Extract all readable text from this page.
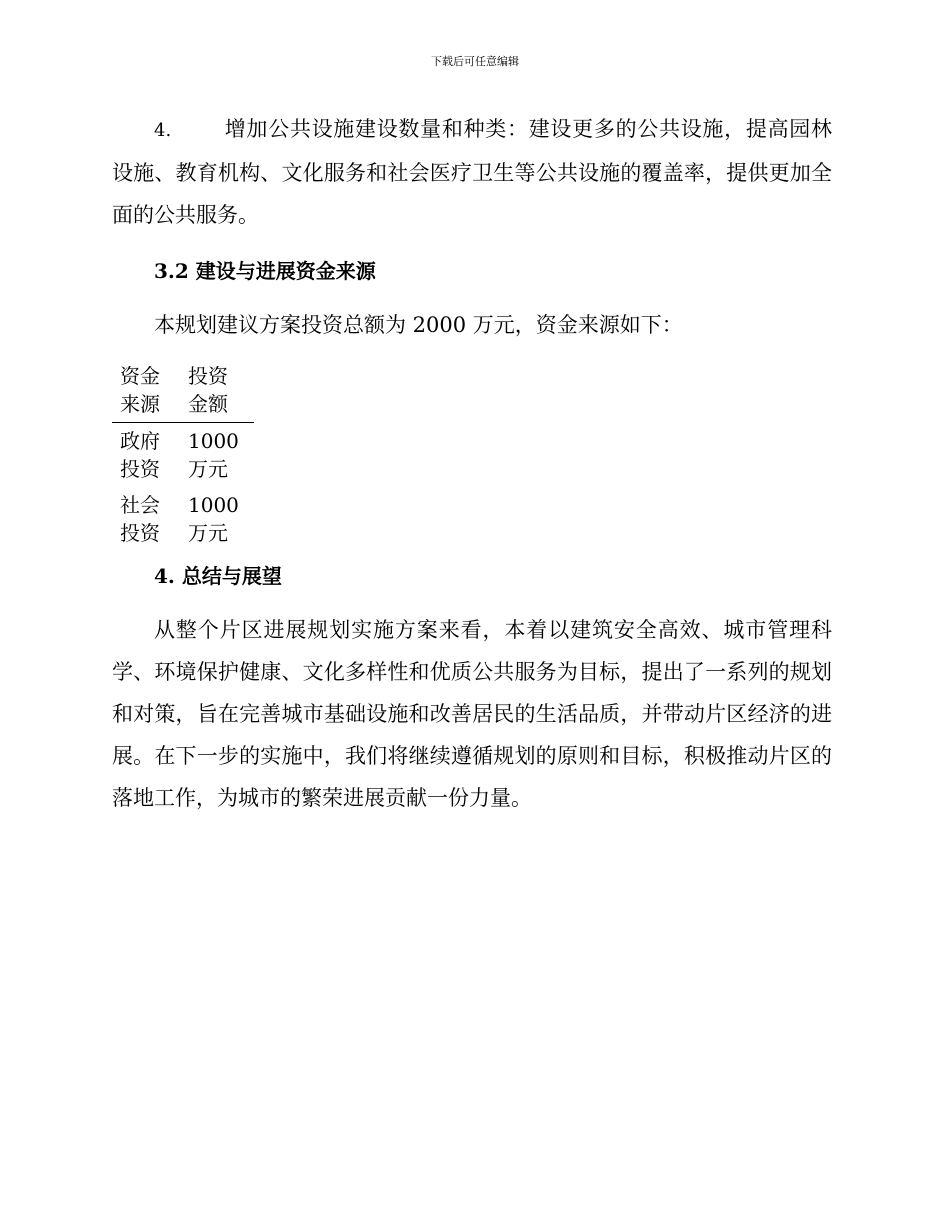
下载后可任意编辑

4.	增加公共设施建设数量和种类：建设更多的公共设施，提高园林设施、教育机构、文化服务和社会医疗卫生等公共设施的覆盖率，提供更加全面的公共服务。

3.2 建设与进展资金来源

本规划建议方案投资总额为 2000 万元，资金来源如下：

资金来源	投资金额
政府投资	1000 万元
社会投资	1000 万元
4. 总结与展望

从整个片区进展规划实施方案来看，本着以建筑安全高效、城市管理科学、环境保护健康、文化多样性和优质公共服务为目标，提出了一系列的规划和对策，旨在完善城市基础设施和改善居民的生活品质，并带动片区经济的进展。在下一步的实施中，我们将继续遵循规划的原则和目标，积极推动片区的落地工作，为城市的繁荣进展贡献一份力量。
